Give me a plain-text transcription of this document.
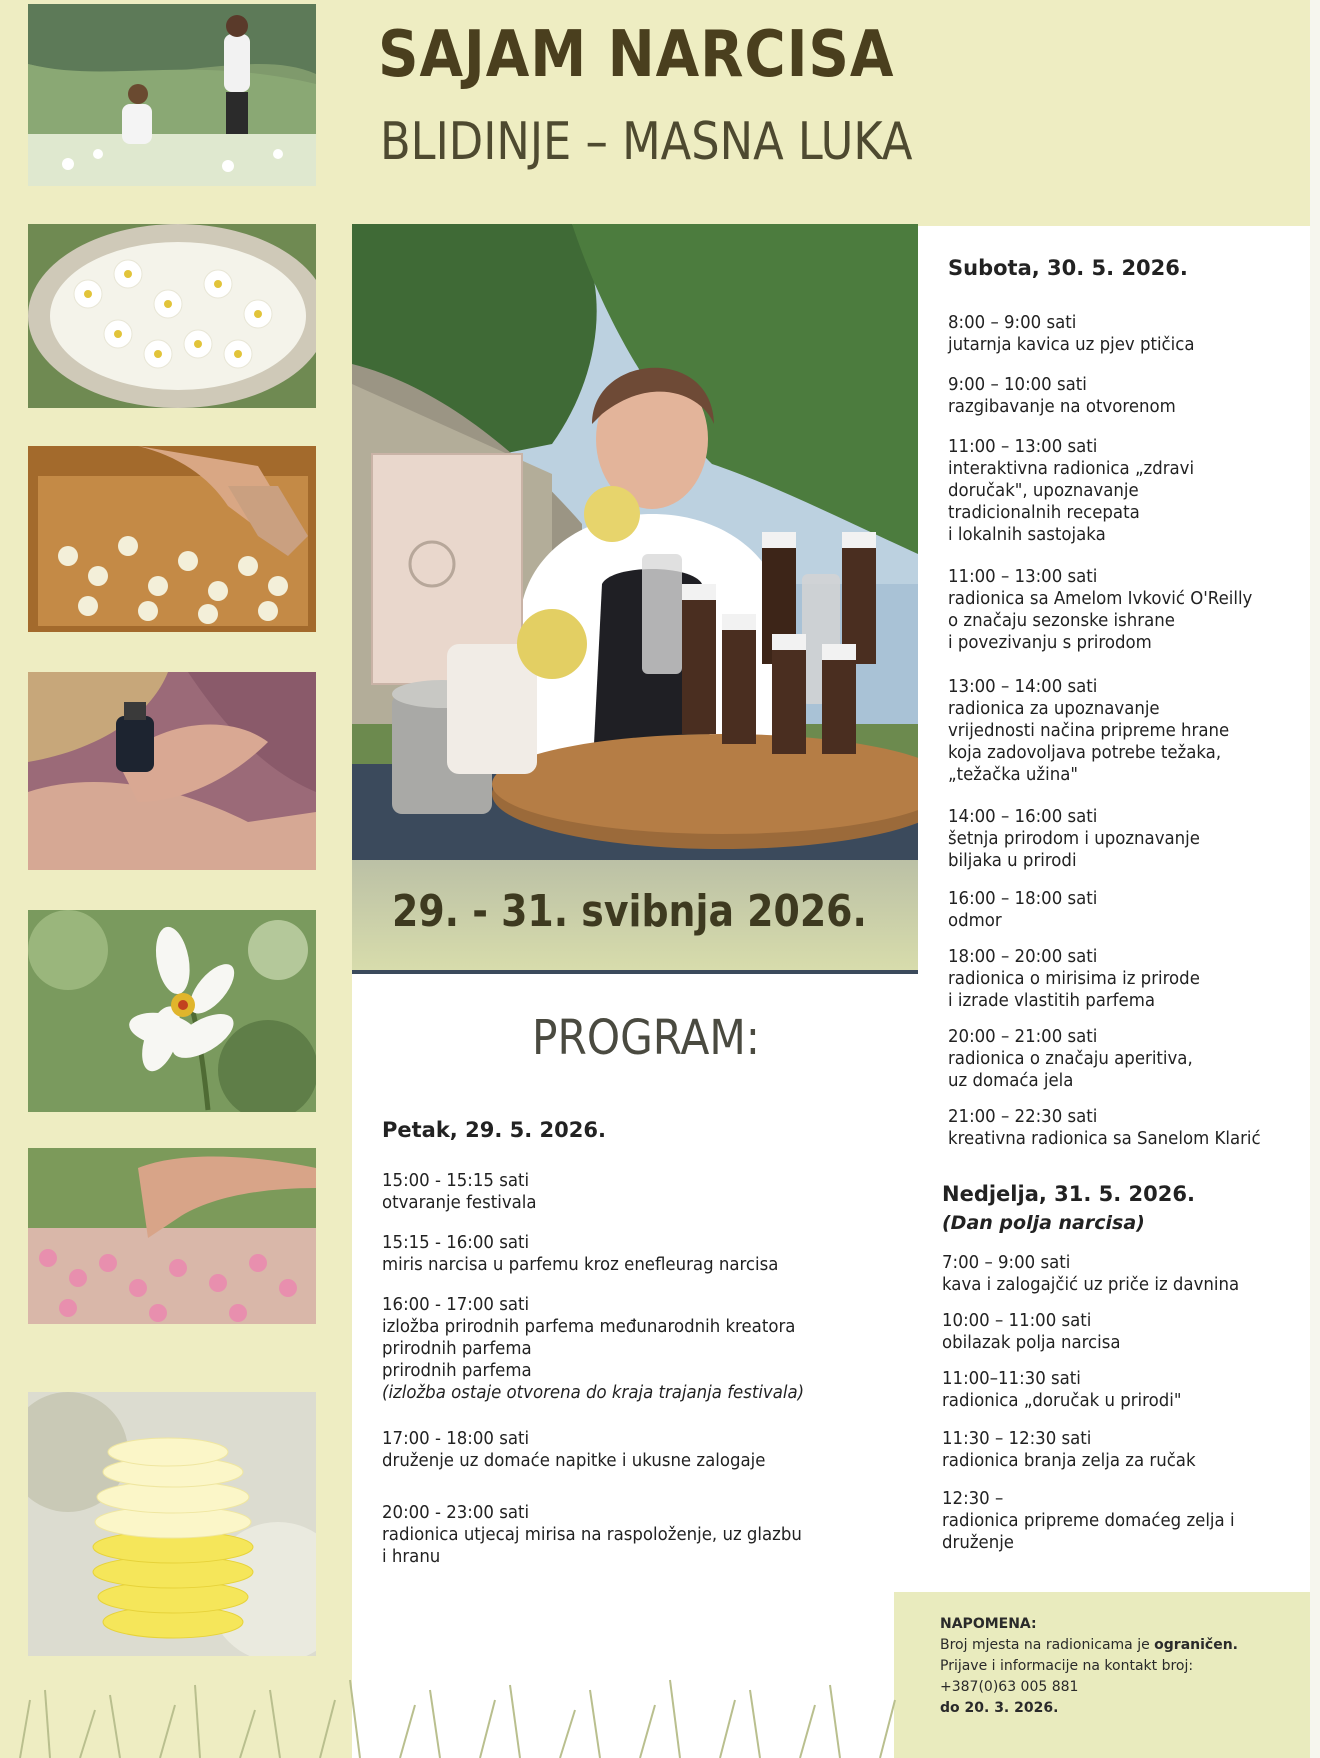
SAJAM NARCISA
BLIDINJE – MASNA LUKA
29. - 31. svibnja 2026.
PROGRAM:
Petak, 29. 5. 2026.
15:00 - 15:15 sati
otvaranje festivala
15:15 - 16:00 sati
miris narcisa u parfemu kroz enefleurag narcisa
16:00 - 17:00 sati
izložba prirodnih parfema međunarodnih kreatora
prirodnih parfema
prirodnih parfema
(izložba ostaje otvorena do kraja trajanja festivala)
17:00 - 18:00 sati
druženje uz domaće napitke i ukusne zalogaje
20:00 - 23:00 sati
radionica utjecaj mirisa na raspoloženje, uz glazbu
i hranu
Subota, 30. 5. 2026.
8:00 – 9:00 sati
jutarnja kavica uz pjev ptičica
9:00 – 10:00 sati
razgibavanje na otvorenom
11:00 – 13:00 sati
interaktivna radionica „zdravi
doručak", upoznavanje
tradicionalnih recepata
i lokalnih sastojaka
11:00 – 13:00 sati
radionica sa Amelom Ivković O'Reilly
o značaju sezonske ishrane
i povezivanju s prirodom
13:00 – 14:00 sati
radionica za upoznavanje
vrijednosti načina pripreme hrane
koja zadovoljava potrebe težaka,
„težačka užina"
14:00 – 16:00 sati
šetnja prirodom i upoznavanje
biljaka u prirodi
16:00 – 18:00 sati
odmor
18:00 – 20:00 sati
radionica o mirisima iz prirode
i izrade vlastitih parfema
20:00 – 21:00 sati
radionica o značaju aperitiva,
uz domaća jela
21:00 – 22:30 sati
kreativna radionica sa Sanelom Klarić
Nedjelja, 31. 5. 2026.
(Dan polja narcisa)
7:00 – 9:00 sati
kava i zalogajčić uz priče iz davnina
10:00 – 11:00 sati
obilazak polja narcisa
11:00–11:30 sati
radionica „doručak u prirodi"
11:30 – 12:30 sati
radionica branja zelja za ručak
12:30 –
radionica pripreme domaćeg zelja i
druženje
NAPOMENA:
Broj mjesta na radionicama je ograničen.
Prijave i informacije na kontakt broj:
+387(0)63 005 881
do 20. 3. 2026.
